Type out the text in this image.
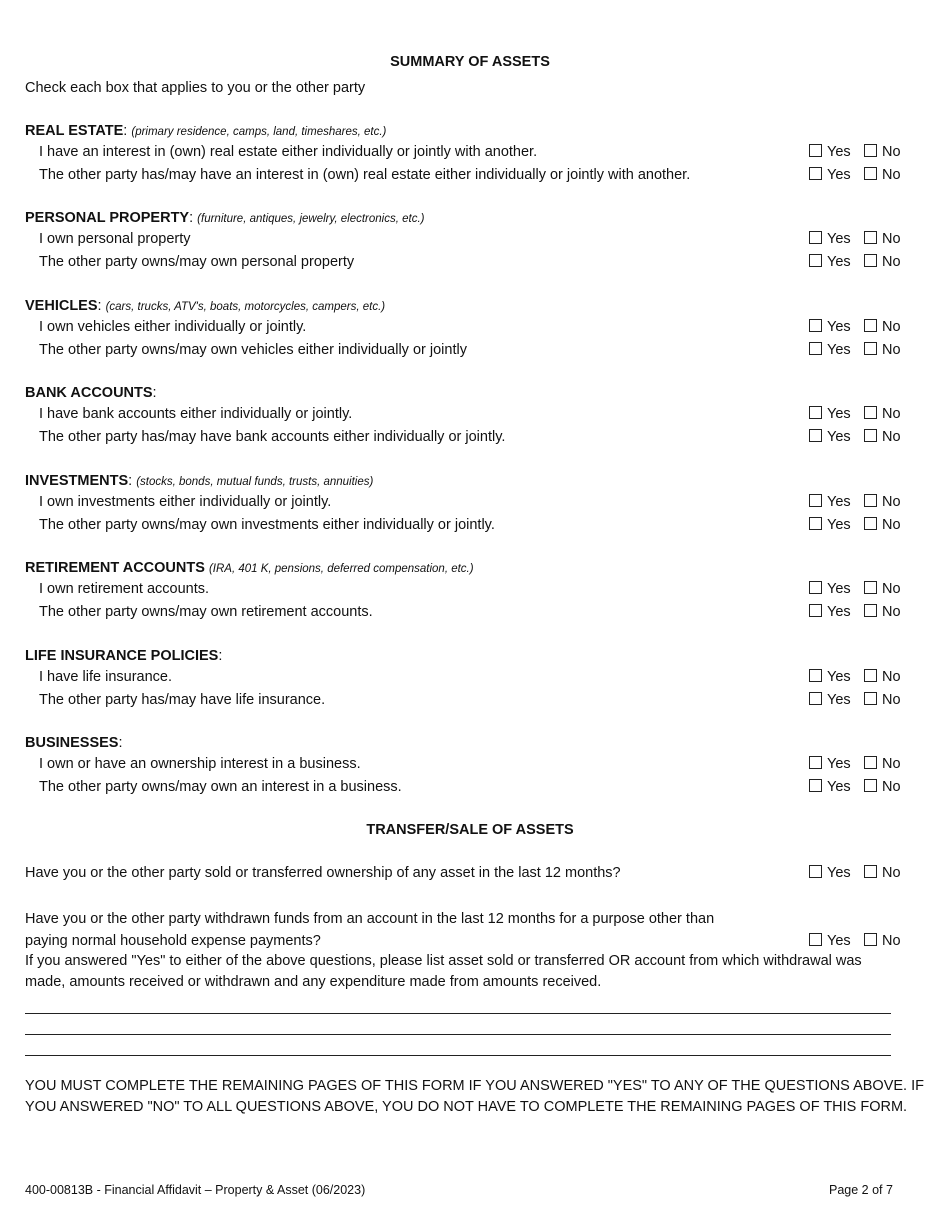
SUMMARY OF ASSETS
Check each box that applies to you or the other party
REAL ESTATE: (primary residence, camps, land, timeshares, etc.)
I have an interest in (own) real estate either individually or jointly with another.	Yes No
The other party has/may have an interest in (own) real estate either individually or jointly with another.	Yes No
PERSONAL PROPERTY: (furniture, antiques, jewelry, electronics, etc.)
I own personal property	Yes No
The other party owns/may own personal property	Yes No
VEHICLES: (cars, trucks, ATV's, boats, motorcycles, campers, etc.)
I own vehicles either individually or jointly.	Yes No
The other party owns/may own vehicles either individually or jointly	Yes No
BANK ACCOUNTS:
I have bank accounts either individually or jointly.	Yes No
The other party has/may have bank accounts either individually or jointly.	Yes No
INVESTMENTS: (stocks, bonds, mutual funds, trusts, annuities)
I own investments either individually or jointly.	Yes No
The other party owns/may own investments either individually or jointly.	Yes No
RETIREMENT ACCOUNTS (IRA, 401 K, pensions, deferred compensation, etc.)
I own retirement accounts.	Yes No
The other party owns/may own retirement accounts.	Yes No
LIFE INSURANCE POLICIES:
I have life insurance.	Yes No
The other party has/may have life insurance.	Yes No
BUSINESSES:
I own or have an ownership interest in a business.	Yes No
The other party owns/may own an interest in a business.	Yes No
TRANSFER/SALE OF ASSETS
Have you or the other party sold or transferred ownership of any asset in the last 12 months?	Yes No
Have you or the other party withdrawn funds from an account in the last 12 months for a purpose other than
paying normal household expense payments?	Yes No
If you answered "Yes" to either of the above questions, please list asset sold or transferred OR account from which withdrawal was
made, amounts received or withdrawn and any expenditure made from amounts received.
YOU MUST COMPLETE THE REMAINING PAGES OF THIS FORM IF YOU ANSWERED "YES" TO ANY OF THE QUESTIONS ABOVE. IF
YOU ANSWERED "NO" TO ALL QUESTIONS ABOVE, YOU DO NOT HAVE TO COMPLETE THE REMAINING PAGES OF THIS FORM.
400-00813B - Financial Affidavit – Property & Asset (06/2023)	Page 2 of 7
